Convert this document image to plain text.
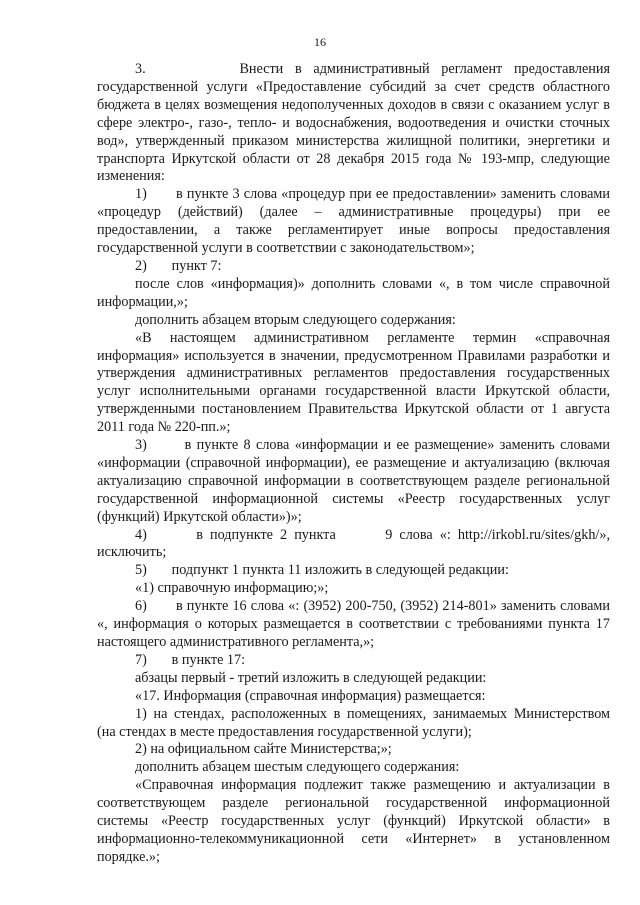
16

3.        Внести в административный регламент предоставления государственной услуги «Предоставление субсидий за счет средств областного бюджета в целях возмещения недополученных доходов в связи с оказанием услуг в сфере электро-, газо-, тепло- и водоснабжения, водоотведения и очистки сточных вод», утвержденный приказом министерства жилищной политики, энергетики и транспорта Иркутской области от 28 декабря 2015 года № 193-мпр, следующие изменения:

1)       в пункте 3 слова «процедур при ее предоставлении» заменить словами «процедур (действий) (далее – административные процедуры) при ее предоставлении, а также регламентирует иные вопросы предоставления государственной услуги в соответствии с законодательством»;

2)       пункт 7:

после слов «информация)» дополнить словами «, в том числе справочной информации,»;

дополнить абзацем вторым следующего содержания:

«В настоящем административном регламенте термин «справочная информация» используется в значении, предусмотренном Правилами разработки и утверждения административных регламентов предоставления государственных услуг исполнительными органами государственной власти Иркутской области, утвержденными постановлением Правительства Иркутской области от 1 августа 2011 года № 220-пп.»;

3)       в пункте 8 слова «информации и ее размещение» заменить словами «информации (справочной информации), ее размещение и актуализацию (включая актуализацию справочной информации в соответствующем разделе региональной государственной информационной системы «Реестр государственных услуг (функций) Иркутской области»)»;

4)       в подпункте 2 пункта       9 слова «: http://irkobl.ru/sites/gkh/», исключить;

5)       подпункт 1 пункта 11 изложить в следующей редакции:

«1) справочную информацию;»;

6)       в пункте 16 слова «: (3952) 200-750, (3952) 214-801» заменить словами «, информация о которых размещается в соответствии с требованиями пункта 17 настоящего административного регламента,»;

7)       в пункте 17:

абзацы первый - третий изложить в следующей редакции:

«17. Информация (справочная информация) размещается:

1) на стендах, расположенных в помещениях, занимаемых Министерством (на стендах в месте предоставления государственной услуги);

2) на официальном сайте Министерства;»;

дополнить абзацем шестым следующего содержания:

«Справочная информация подлежит также размещению и актуализации в соответствующем разделе региональной государственной информационной системы «Реестр государственных услуг (функций) Иркутской области» в информационно-телекоммуникационной сети «Интернет» в установленном порядке.»;
